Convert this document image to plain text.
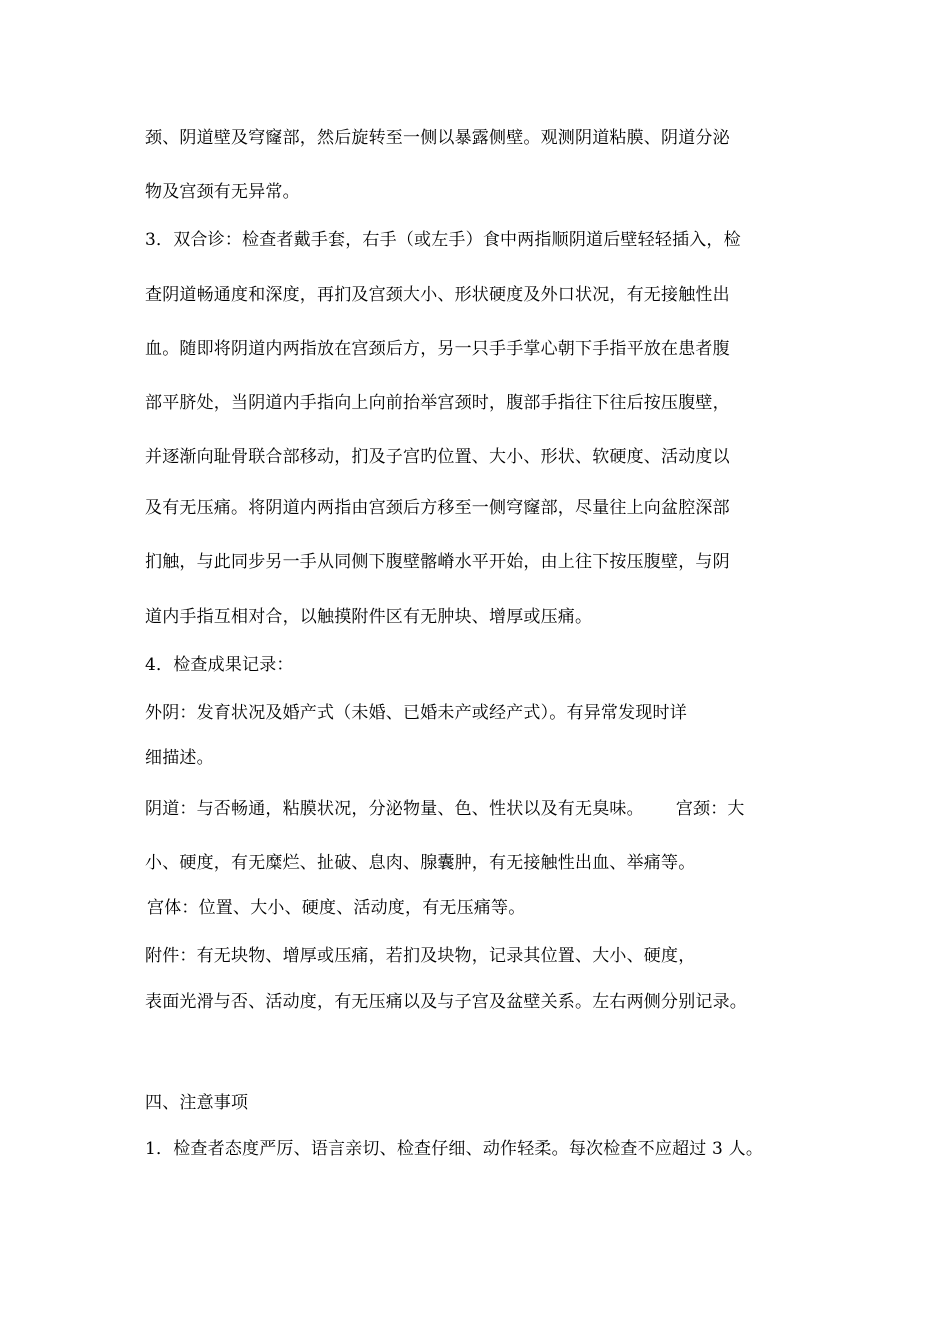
颈、阴道壁及穹窿部，然后旋转至一侧以暴露侧壁。观测阴道粘膜、阴道分泌

物及宫颈有无异常。

3．双合诊：检查者戴手套，右手（或左手）食中两指顺阴道后壁轻轻插入，检

查阴道畅通度和深度，再扪及宫颈大小、形状硬度及外口状况，有无接触性出

血。随即将阴道内两指放在宫颈后方，另一只手手掌心朝下手指平放在患者腹

部平脐处，当阴道内手指向上向前抬举宫颈时，腹部手指往下往后按压腹壁，

并逐渐向耻骨联合部移动，扪及子宫旳位置、大小、形状、软硬度、活动度以

及有无压痛。将阴道内两指由宫颈后方移至一侧穹窿部，尽量往上向盆腔深部

扪触，与此同步另一手从同侧下腹壁髂嵴水平开始，由上往下按压腹壁，与阴

道内手指互相对合，以触摸附件区有无肿块、增厚或压痛。

4．检查成果记录：

外阴：发育状况及婚产式（未婚、已婚未产或经产式）。有异常发现时详

细描述。

阴道：与否畅通，粘膜状况，分泌物量、色、性状以及有无臭味。 宫颈：大

小、硬度，有无糜烂、扯破、息肉、腺囊肿，有无接触性出血、举痛等。

宫体：位置、大小、硬度、活动度，有无压痛等。

附件：有无块物、增厚或压痛，若扪及块物，记录其位置、大小、硬度，

表面光滑与否、活动度，有无压痛以及与子宫及盆壁关系。左右两侧分别记录。

四、注意事项

1．检查者态度严厉、语言亲切、检查仔细、动作轻柔。每次检查不应超过 3 人。
